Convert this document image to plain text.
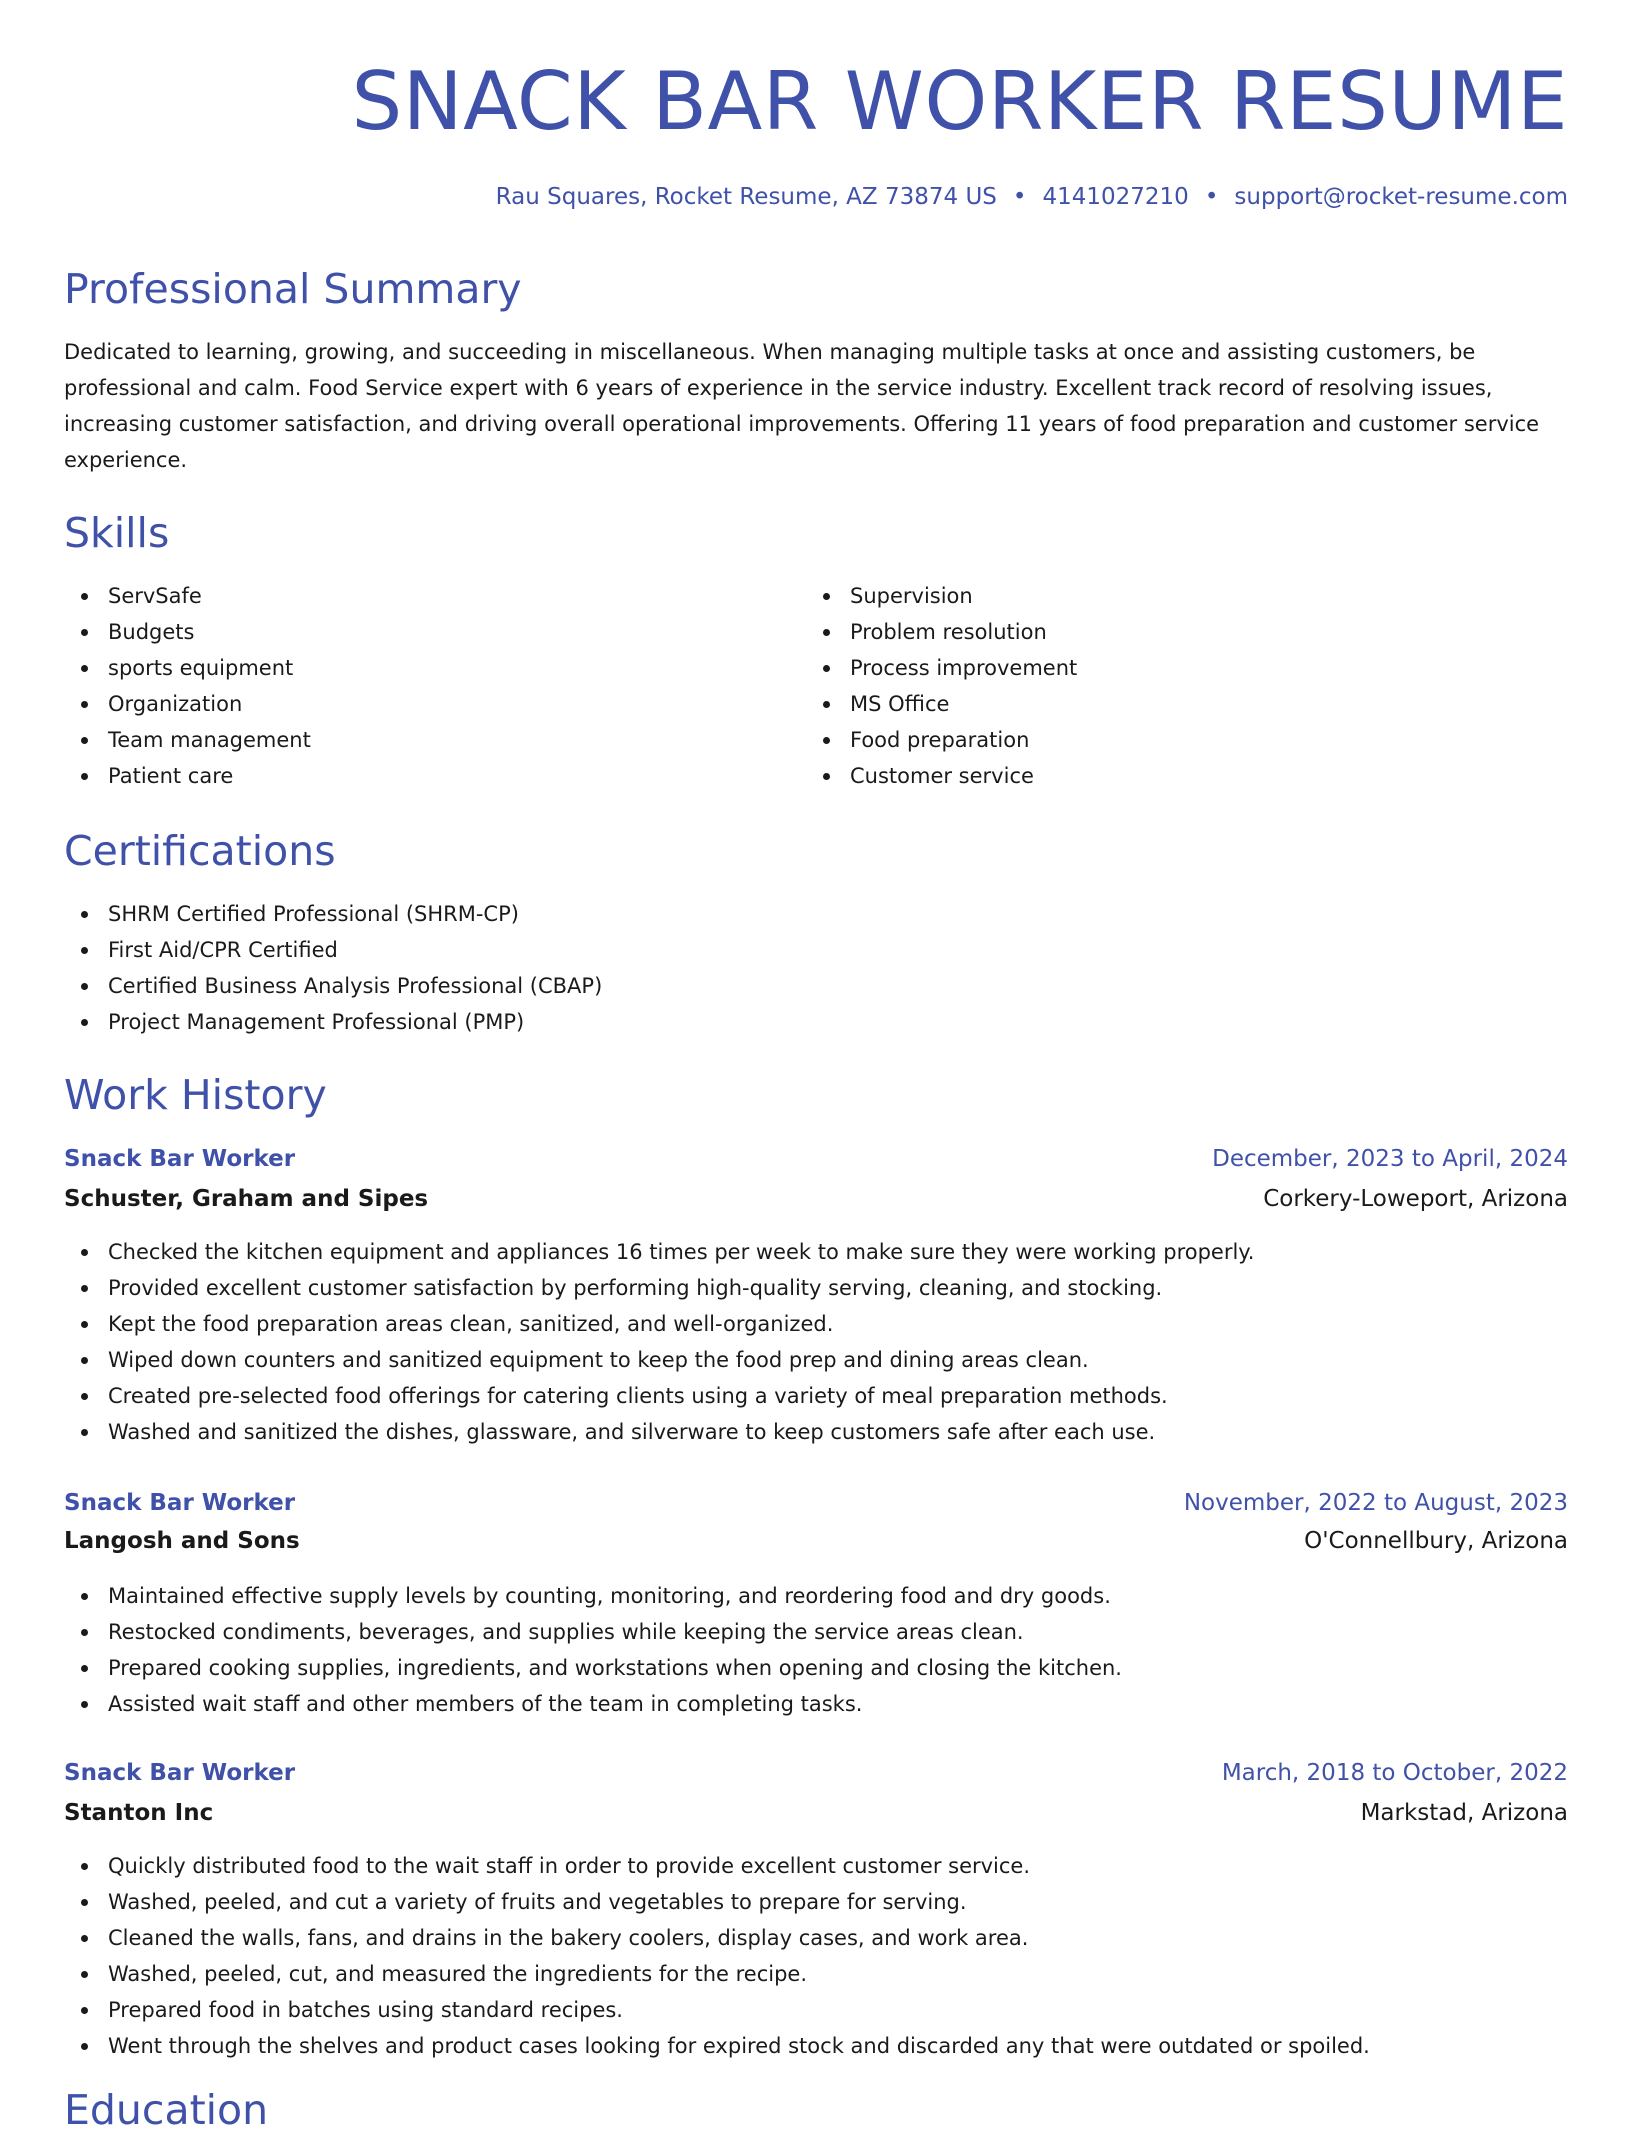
SNACK BAR WORKER RESUME
Rau Squares, Rocket Resume, AZ 73874 US • 4141027210 • support@rocket-resume.com
Professional Summary

Dedicated to learning, growing, and succeeding in miscellaneous. When managing multiple tasks at once and assisting customers, be professional and calm. Food Service expert with 6 years of experience in the service industry. Excellent track record of resolving issues, increasing customer satisfaction, and driving overall operational improvements. Offering 11 years of food preparation and customer service experience.

Skills
ServSafe
Budgets
sports equipment
Organization
Team management
Patient care
Supervision
Problem resolution
Process improvement
MS Office
Food preparation
Customer service
Certifications
SHRM Certified Professional (SHRM-CP)
First Aid/CPR Certified
Certified Business Analysis Professional (CBAP)
Project Management Professional (PMP)
Work History
Snack Bar Worker	December, 2023 to April, 2024
Schuster, Graham and Sipes	Corkery-Loweport, Arizona
Checked the kitchen equipment and appliances 16 times per week to make sure they were working properly.
Provided excellent customer satisfaction by performing high-quality serving, cleaning, and stocking.
Kept the food preparation areas clean, sanitized, and well-organized.
Wiped down counters and sanitized equipment to keep the food prep and dining areas clean.
Created pre-selected food offerings for catering clients using a variety of meal preparation methods.
Washed and sanitized the dishes, glassware, and silverware to keep customers safe after each use.
Snack Bar Worker	November, 2022 to August, 2023
Langosh and Sons	O'Connellbury, Arizona
Maintained effective supply levels by counting, monitoring, and reordering food and dry goods.
Restocked condiments, beverages, and supplies while keeping the service areas clean.
Prepared cooking supplies, ingredients, and workstations when opening and closing the kitchen.
Assisted wait staff and other members of the team in completing tasks.
Snack Bar Worker	March, 2018 to October, 2022
Stanton Inc	Markstad, Arizona
Quickly distributed food to the wait staff in order to provide excellent customer service.
Washed, peeled, and cut a variety of fruits and vegetables to prepare for serving.
Cleaned the walls, fans, and drains in the bakery coolers, display cases, and work area.
Washed, peeled, cut, and measured the ingredients for the recipe.
Prepared food in batches using standard recipes.
Went through the shelves and product cases looking for expired stock and discarded any that were outdated or spoiled.
Education
